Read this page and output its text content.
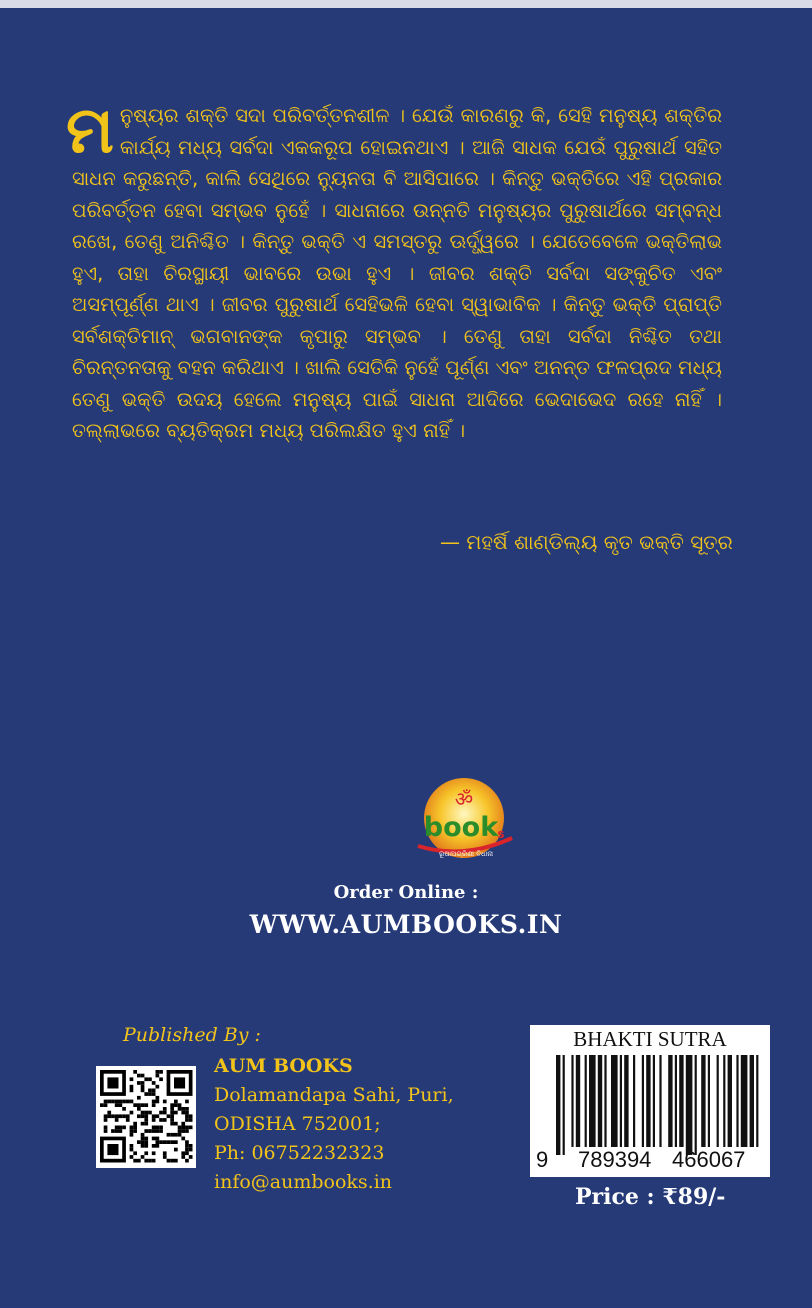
ମ ନୁଷ୍ୟର ଶକ୍ତି ସଦା ପରିବର୍ତ୍ତନଶୀଳ । ଯେଉଁ କାରଣରୁ କି, ସେହି ମନୁଷ୍ୟ ଶକ୍ତିର କାର୍ଯ୍ୟ ମଧ୍ୟ ସର୍ବଦା ଏକକରୂପ ହୋଇନଥାଏ । ଆଜି ସାଧକ ଯେଉଁ ପୁରୁଷାର୍ଥ ସହିତ ସାଧନ କରୁଛନ୍ତି, କାଲି ସେଥିରେ ନ୍ୟୁନତା ବି ଆସିପାରେ । କିନ୍ତୁ ଭକ୍ତିରେ ଏହି ପ୍ରକାର ପରିବର୍ତ୍ତନ ହେବା ସମ୍ଭବ ନୁହେଁ । ସାଧନାରେ ଉନ୍ନତି ମନୁଷ୍ୟର ପୁରୁଷାର୍ଥରେ ସମ୍ବନ୍ଧ ରଖେ, ତେଣୁ ଅନିଶ୍ଚିତ । କିନ୍ତୁ ଭକ୍ତି ଏ ସମସ୍ତରୁ ଊର୍ଦ୍ଧ୍ୱରେ । ଯେତେବେଳେ ଭକ୍ତିଲାଭ ହୁଏ, ତାହା ଚିରସ୍ଥାୟୀ ଭାବରେ ଉଭା ହୁଏ । ଜୀବର ଶକ୍ତି ସର୍ବଦା ସଙ୍କୁଚିତ ଏବଂ ଅସମ୍ପୂର୍ଣ୍ଣ ଥାଏ । ଜୀବର ପୁରୁଷାର୍ଥ ସେହିଭଳି ହେବା ସ୍ୱାଭାବିକ । କିନ୍ତୁ ଭକ୍ତି ପ୍ରାପ୍ତି ସର୍ବଶକ୍ତିମାନ୍ ଭଗବାନଙ୍କ କୃପାରୁ ସମ୍ଭବ । ତେଣୁ ତାହା ସର୍ବଦା ନିଶ୍ଚିତ ତଥା ଚିରନ୍ତନତାକୁ ବହନ କରିଥାଏ । ଖାଲି ସେତିକି ନୁହେଁ ପୂର୍ଣ୍ଣ ଏବଂ ଅନନ୍ତ ଫଳପ୍ରଦ ମଧ୍ୟ ତେଣୁ ଭକ୍ତି ଉଦୟ ହେଲେ ମନୁଷ୍ୟ ପାଇଁ ସାଧନା ଆଦିରେ ଭେଦାଭେଦ ରହେ ନାହିଁ । ତଲ୍ଲାଭରେ ବ୍ୟତିକ୍ରମ ମଧ୍ୟ ପରିଲକ୍ଷିତ ହୁଏ ନାହିଁ ।
— ମହର୍ଷି ଶାଣ୍ଡିଲ୍ୟ କୃତ ଭକ୍ତି ସୂତ୍ର
ॐ
book s
ରୂଷାଅଗ୍ରିଣୀ ବିଧାନା
Order Online :
WWW.AUMBOOKS.IN
Published By :
AUM BOOKS
Dolamandapa Sahi, Puri,
ODISHA 752001;
Ph: 06752232323
info@aumbooks.in
BHAKTI SUTRA
9 789394 466067
Price : ₹89/-
